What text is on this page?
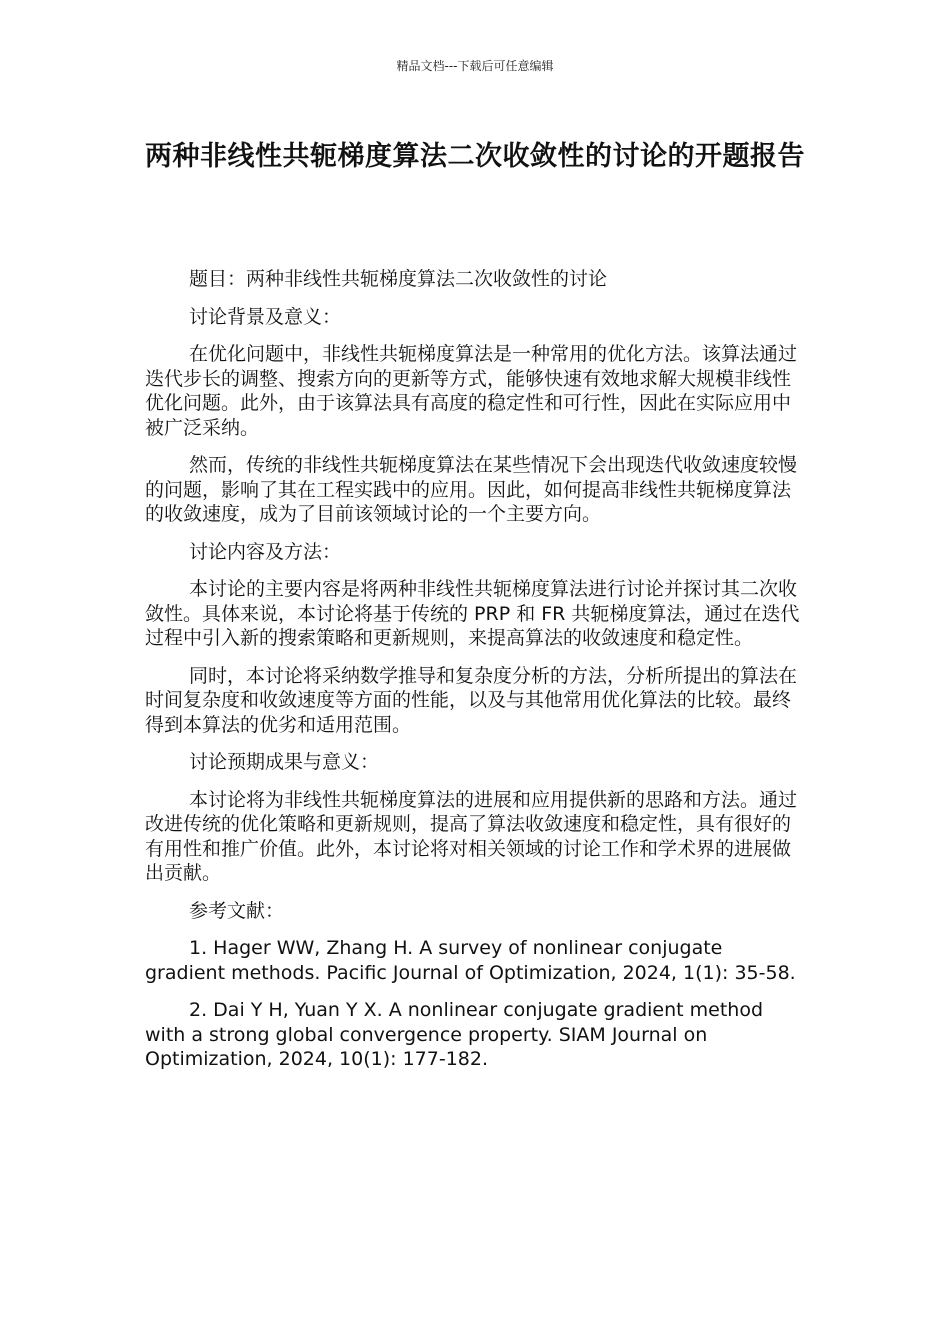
精品文档---下载后可任意编辑
两种非线性共轭梯度算法二次收敛性的讨论的开题报告

题目：两种非线性共轭梯度算法二次收敛性的讨论

讨论背景及意义：

在优化问题中，非线性共轭梯度算法是一种常用的优化方法。该算法通过迭代步长的调整、搜索方向的更新等方式，能够快速有效地求解大规模非线性优化问题。此外，由于该算法具有高度的稳定性和可行性，因此在实际应用中被广泛采纳。

然而，传统的非线性共轭梯度算法在某些情况下会出现迭代收敛速度较慢的问题，影响了其在工程实践中的应用。因此，如何提高非线性共轭梯度算法的收敛速度，成为了目前该领域讨论的一个主要方向。

讨论内容及方法：

本讨论的主要内容是将两种非线性共轭梯度算法进行讨论并探讨其二次收敛性。具体来说，本讨论将基于传统的 PRP 和 FR 共轭梯度算法，通过在迭代过程中引入新的搜索策略和更新规则，来提高算法的收敛速度和稳定性。

同时，本讨论将采纳数学推导和复杂度分析的方法，分析所提出的算法在时间复杂度和收敛速度等方面的性能，以及与其他常用优化算法的比较。最终得到本算法的优劣和适用范围。

讨论预期成果与意义：

本讨论将为非线性共轭梯度算法的进展和应用提供新的思路和方法。通过改进传统的优化策略和更新规则，提高了算法收敛速度和稳定性，具有很好的有用性和推广价值。此外，本讨论将对相关领域的讨论工作和学术界的进展做出贡献。

参考文献：

1. Hager WW, Zhang H. A survey of nonlinear conjugate gradient methods. Pacific Journal of Optimization, 2024, 1(1): 35-58.

2. Dai Y H, Yuan Y X. A nonlinear conjugate gradient method with a strong global convergence property. SIAM Journal on Optimization, 2024, 10(1): 177-182.
